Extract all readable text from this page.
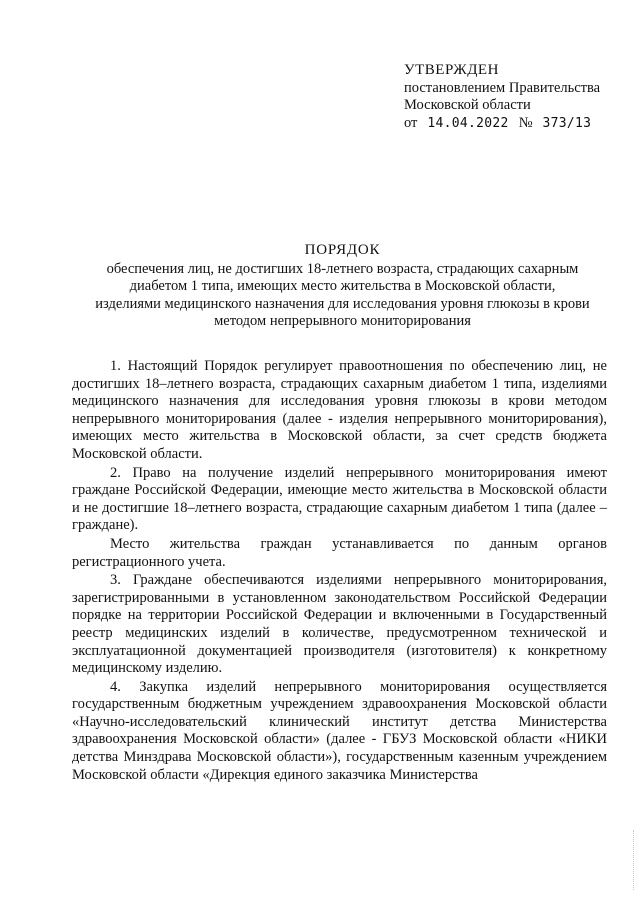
УТВЕРЖДЕН
постановлением Правительства
Московской области
от 14.04.2022 № 373/13
ПОРЯДОК
обеспечения лиц, не достигших 18-летнего возраста, страдающих сахарным
диабетом 1 типа, имеющих место жительства в Московской области,
изделиями медицинского назначения для исследования уровня глюкозы в крови
методом непрерывного мониторирования

1. Настоящий Порядок регулирует правоотношения по обеспечению лиц, не достигших 18–летнего возраста, страдающих сахарным диабетом 1 типа, изделиями медицинского назначения для исследования уровня глюкозы в крови методом непрерывного мониторирования (далее - изделия непрерывного мониторирования), имеющих место жительства в Московской области, за счет средств бюджета Московской области.

2. Право на получение изделий непрерывного мониторирования имеют граждане Российской Федерации, имеющие место жительства в Московской области и не достигшие 18–летнего возраста, страдающие сахарным диабетом 1 типа (далее – граждане).

Место жительства граждан устанавливается по данным органов регистрационного учета.

3. Граждане обеспечиваются изделиями непрерывного мониторирования, зарегистрированными в установленном законодательством Российской Федерации порядке на территории Российской Федерации и включенными в Государственный реестр медицинских изделий в количестве, предусмотренном технической и эксплуатационной документацией производителя (изготовителя) к конкретному медицинскому изделию.

4. Закупка изделий непрерывного мониторирования осуществляется государственным бюджетным учреждением здравоохранения Московской области «Научно-исследовательский клинический институт детства Министерства здравоохранения Московской области» (далее - ГБУЗ Московской области «НИКИ детства Минздрава Московской области»), государственным казенным учреждением Московской области «Дирекция единого заказчика Министерства
